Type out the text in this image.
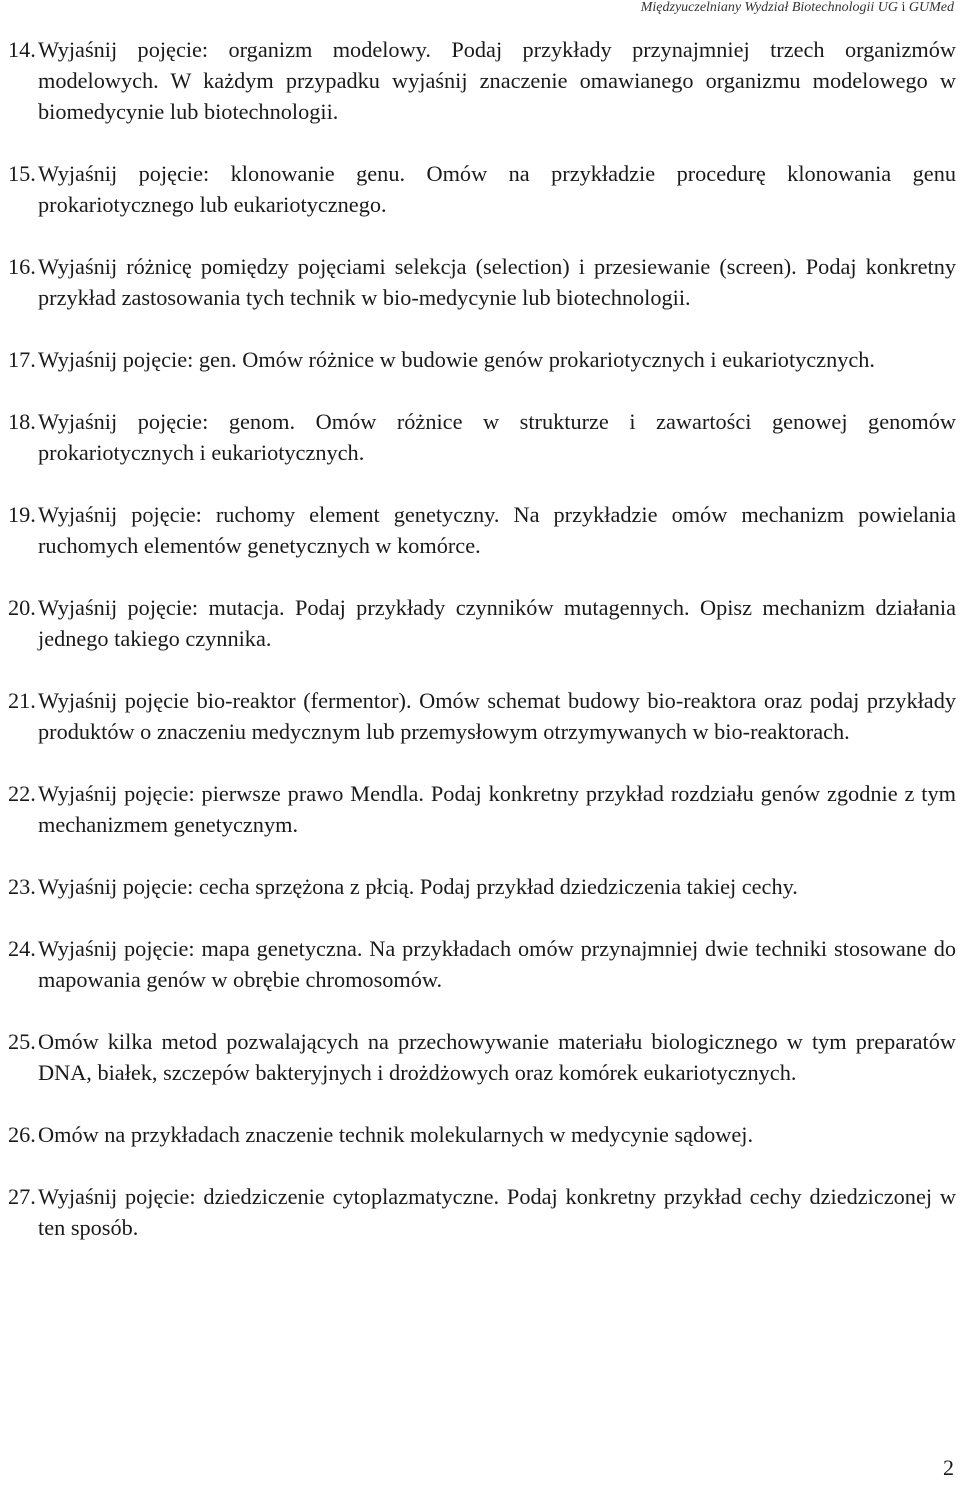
Międzyuczelniany Wydział Biotechnologii UG i GUMed
14. Wyjaśnij pojęcie: organizm modelowy. Podaj przykłady przynajmniej trzech organizmów modelowych. W każdym przypadku wyjaśnij znaczenie omawianego organizmu modelowego w biomedycynie lub biotechnologii.
15. Wyjaśnij pojęcie: klonowanie genu. Omów na przykładzie procedurę klonowania genu prokariotycznego lub eukariotycznego.
16. Wyjaśnij różnicę pomiędzy pojęciami selekcja (selection) i przesiewanie (screen). Podaj konkretny przykład zastosowania tych technik w bio-medycynie lub biotechnologii.
17. Wyjaśnij pojęcie: gen. Omów różnice w budowie genów prokariotycznych i eukariotycznych.
18. Wyjaśnij pojęcie: genom. Omów różnice w strukturze i zawartości genowej genomów prokariotycznych i eukariotycznych.
19. Wyjaśnij pojęcie: ruchomy element genetyczny. Na przykładzie omów mechanizm powielania ruchomych elementów genetycznych w komórce.
20. Wyjaśnij pojęcie: mutacja. Podaj przykłady czynników mutagennych. Opisz mechanizm działania jednego takiego czynnika.
21. Wyjaśnij pojęcie bio-reaktor (fermentor). Omów schemat budowy bio-reaktora oraz podaj przykłady produktów o znaczeniu medycznym lub przemysłowym otrzymywanych w bio-reaktorach.
22. Wyjaśnij pojęcie: pierwsze prawo Mendla. Podaj konkretny przykład rozdziału genów zgodnie z tym mechanizmem genetycznym.
23. Wyjaśnij pojęcie: cecha sprzężona z płcią. Podaj przykład dziedziczenia takiej cechy.
24. Wyjaśnij pojęcie: mapa genetyczna. Na przykładach omów przynajmniej dwie techniki stosowane do mapowania genów w obrębie chromosomów.
25. Omów kilka metod pozwalających na przechowywanie materiału biologicznego w tym preparatów DNA, białek, szczepów bakteryjnych i drożdżowych oraz komórek eukariotycznych.
26. Omów na przykładach znaczenie technik molekularnych w medycynie sądowej.
27. Wyjaśnij pojęcie: dziedziczenie cytoplazmatyczne. Podaj konkretny przykład cechy dziedziczonej w ten sposób.
2
